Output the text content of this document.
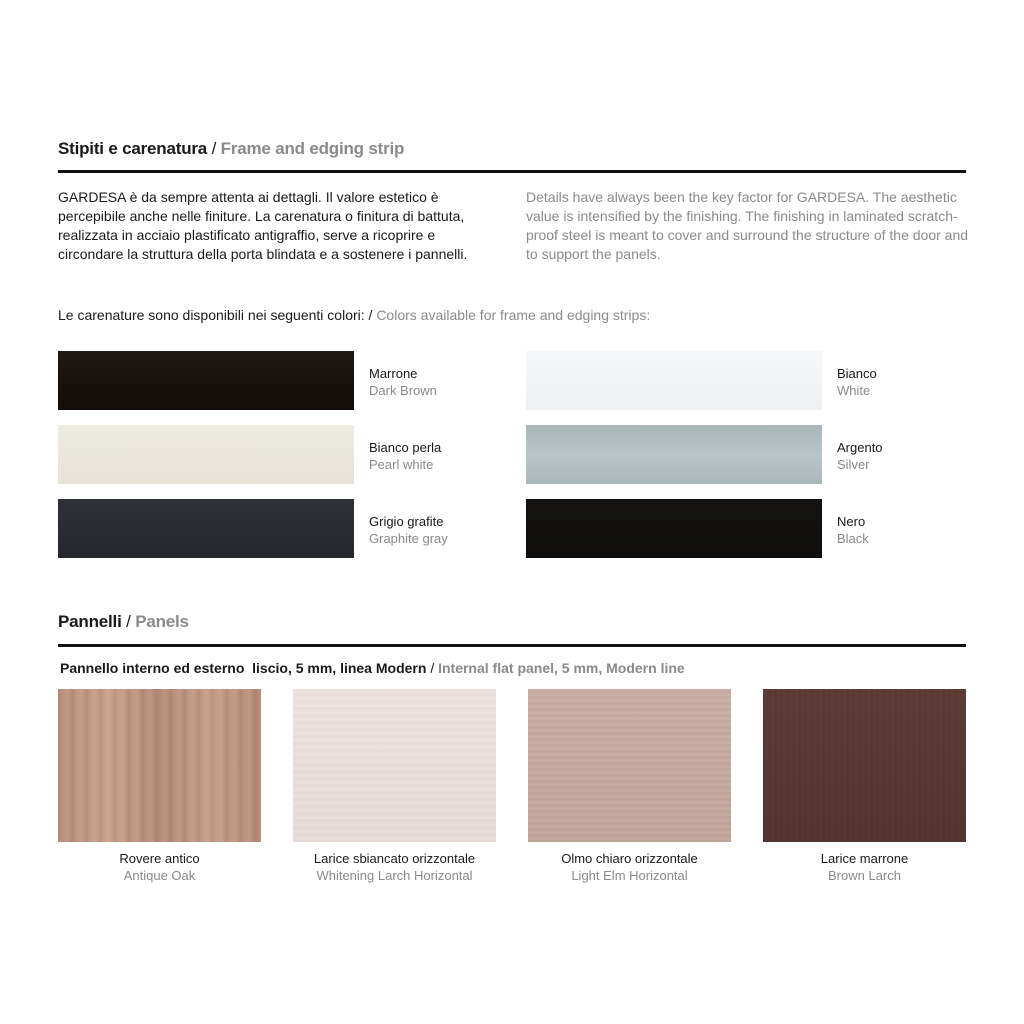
Stipiti e carenatura / Frame and edging strip

GARDESA è da sempre attenta ai dettagli. Il valore estetico è percepibile anche nelle finiture. La carenatura o finitura di battuta, realizzata in acciaio plastificato antigraffio, serve a ricoprire e circondare la struttura della porta blindata e a sostenere i pannelli.

Details have always been the key factor for GARDESA. The aesthetic value is intensified by the finishing. The finishing in laminated scratch-proof steel is meant to cover and surround the structure of the door and to support the panels.

Le carenature sono disponibili nei seguenti colori: / Colors available for frame and edging strips:
Marrone
Dark Brown
Bianco
White
Bianco perla
Pearl white
Argento
Silver
Grigio grafite
Graphite gray
Nero
Black
Pannelli / Panels
Pannello interno ed esterno  liscio, 5 mm, linea Modern / Internal flat panel, 5 mm, Modern line
Rovere antico
Antique Oak
Larice sbiancato orizzontale
Whitening Larch Horizontal
Olmo chiaro orizzontale
Light Elm Horizontal
Larice marrone
Brown Larch
